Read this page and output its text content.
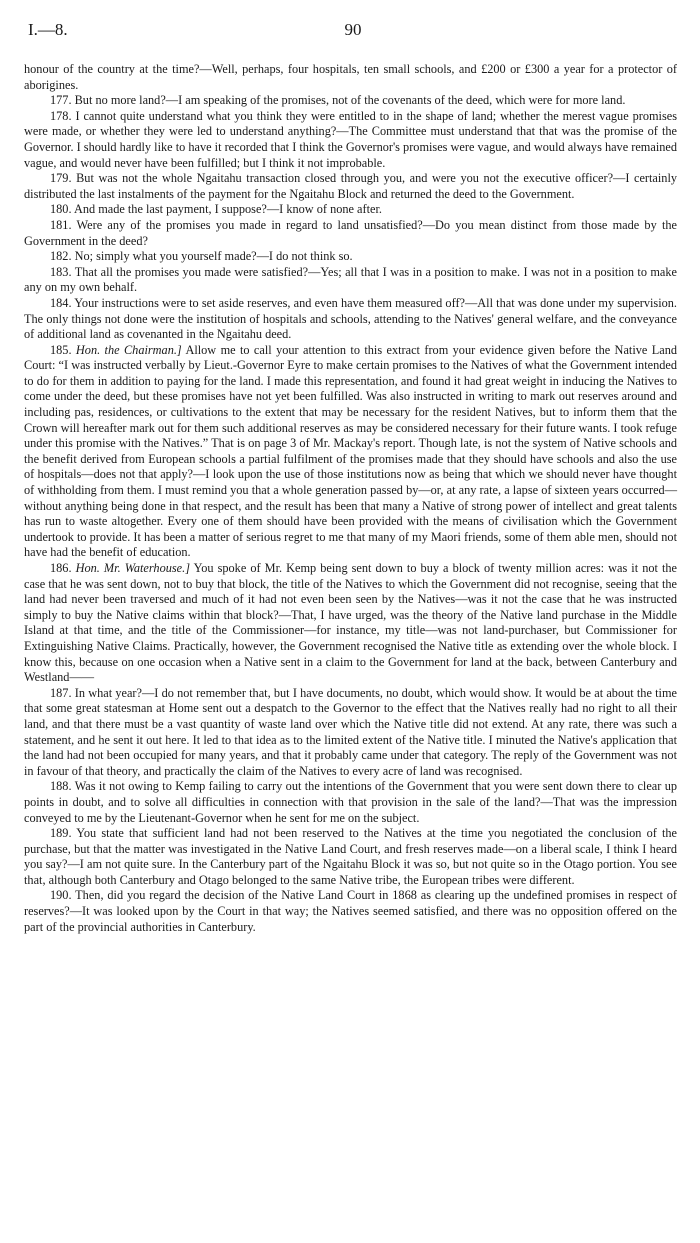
I.—8.	90

honour of the country at the time?—Well, perhaps, four hospitals, ten small schools, and £200 or £300 a year for a protector of aborigines.

177. But no more land?—I am speaking of the promises, not of the covenants of the deed, which were for more land.

178. I cannot quite understand what you think they were entitled to in the shape of land; whether the merest vague promises were made, or whether they were led to understand anything?—The Committee must understand that that was the promise of the Governor. I should hardly like to have it recorded that I think the Governor's promises were vague, and would always have remained vague, and would never have been fulfilled; but I think it not improbable.

179. But was not the whole Ngaitahu transaction closed through you, and were you not the executive officer?—I certainly distributed the last instalments of the payment for the Ngaitahu Block and returned the deed to the Government.

180. And made the last payment, I suppose?—I know of none after.

181. Were any of the promises you made in regard to land unsatisfied?—Do you mean distinct from those made by the Government in the deed?

182. No; simply what you yourself made?—I do not think so.

183. That all the promises you made were satisfied?—Yes; all that I was in a position to make. I was not in a position to make any on my own behalf.

184. Your instructions were to set aside reserves, and even have them measured off?—All that was done under my supervision. The only things not done were the institution of hospitals and schools, attending to the Natives' general welfare, and the conveyance of additional land as covenanted in the Ngaitahu deed.

185. Hon. the Chairman.] Allow me to call your attention to this extract from your evidence given before the Native Land Court: “I was instructed verbally by Lieut.-Governor Eyre to make certain promises to the Natives of what the Government intended to do for them in addition to paying for the land. I made this representation, and found it had great weight in inducing the Natives to come under the deed, but these promises have not yet been fulfilled. Was also instructed in writing to mark out reserves around and including pas, residences, or cultivations to the extent that may be necessary for the resident Natives, but to inform them that the Crown will hereafter mark out for them such additional reserves as may be considered necessary for their future wants. I took refuge under this promise with the Natives.” That is on page 3 of Mr. Mackay's report. Though late, is not the system of Native schools and the benefit derived from European schools a partial fulfilment of the promises made that they should have schools and also the use of hospitals—does not that apply?—I look upon the use of those institutions now as being that which we should never have thought of withholding from them. I must remind you that a whole generation passed by—or, at any rate, a lapse of sixteen years occurred—without anything being done in that respect, and the result has been that many a Native of strong power of intellect and great talents has run to waste altogether. Every one of them should have been provided with the means of civilisation which the Government undertook to provide. It has been a matter of serious regret to me that many of my Maori friends, some of them able men, should not have had the benefit of education.

186. Hon. Mr. Waterhouse.] You spoke of Mr. Kemp being sent down to buy a block of twenty million acres: was it not the case that he was sent down, not to buy that block, the title of the Natives to which the Government did not recognise, seeing that the land had never been traversed and much of it had not even been seen by the Natives—was it not the case that he was instructed simply to buy the Native claims within that block?—That, I have urged, was the theory of the Native land purchase in the Middle Island at that time, and the title of the Commissioner—for instance, my title—was not land-purchaser, but Commissioner for Extinguishing Native Claims. Practically, however, the Government recognised the Native title as extending over the whole block. I know this, because on one occasion when a Native sent in a claim to the Government for land at the back, between Canterbury and Westland——

187. In what year?—I do not remember that, but I have documents, no doubt, which would show. It would be at about the time that some great statesman at Home sent out a despatch to the Governor to the effect that the Natives really had no right to all their land, and that there must be a vast quantity of waste land over which the Native title did not extend. At any rate, there was such a statement, and he sent it out here. It led to that idea as to the limited extent of the Native title. I minuted the Native's application that the land had not been occupied for many years, and that it probably came under that category. The reply of the Government was not in favour of that theory, and practically the claim of the Natives to every acre of land was recognised.

188. Was it not owing to Kemp failing to carry out the intentions of the Government that you were sent down there to clear up points in doubt, and to solve all difficulties in connection with that provision in the sale of the land?—That was the impression conveyed to me by the Lieutenant-Governor when he sent for me on the subject.

189. You state that sufficient land had not been reserved to the Natives at the time you negotiated the conclusion of the purchase, but that the matter was investigated in the Native Land Court, and fresh reserves made—on a liberal scale, I think I heard you say?—I am not quite sure. In the Canterbury part of the Ngaitahu Block it was so, but not quite so in the Otago portion. You see that, although both Canterbury and Otago belonged to the same Native tribe, the European tribes were different.

190. Then, did you regard the decision of the Native Land Court in 1868 as clearing up the undefined promises in respect of reserves?—It was looked upon by the Court in that way; the Natives seemed satisfied, and there was no opposition offered on the part of the provincial authorities in Canterbury.
